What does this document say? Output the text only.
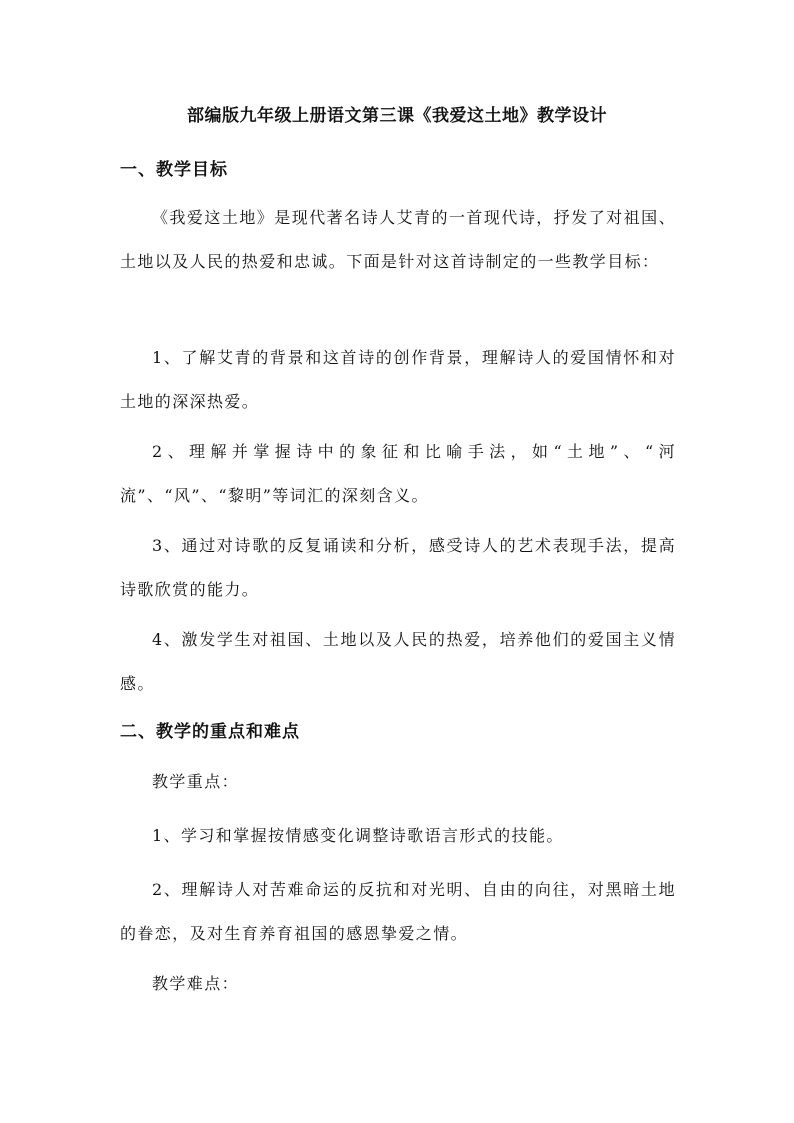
部编版九年级上册语文第三课《我爱这土地》教学设计
一、教学目标

《我爱这土地》是现代著名诗人艾青的一首现代诗，抒发了对祖国、土地以及人民的热爱和忠诚。下面是针对这首诗制定的一些教学目标：

1、了解艾青的背景和这首诗的创作背景，理解诗人的爱国情怀和对土地的深深热爱。

2、理解并掌握诗中的象征和比喻手法，如“土地”、“河流”、“风”、“黎明”等词汇的深刻含义。

3、通过对诗歌的反复诵读和分析，感受诗人的艺术表现手法，提高诗歌欣赏的能力。

4、激发学生对祖国、土地以及人民的热爱，培养他们的爱国主义情感。

二、教学的重点和难点

教学重点：

1、学习和掌握按情感变化调整诗歌语言形式的技能。

2、理解诗人对苦难命运的反抗和对光明、自由的向往，对黑暗土地的眷恋，及对生育养育祖国的感恩挚爱之情。

教学难点：
